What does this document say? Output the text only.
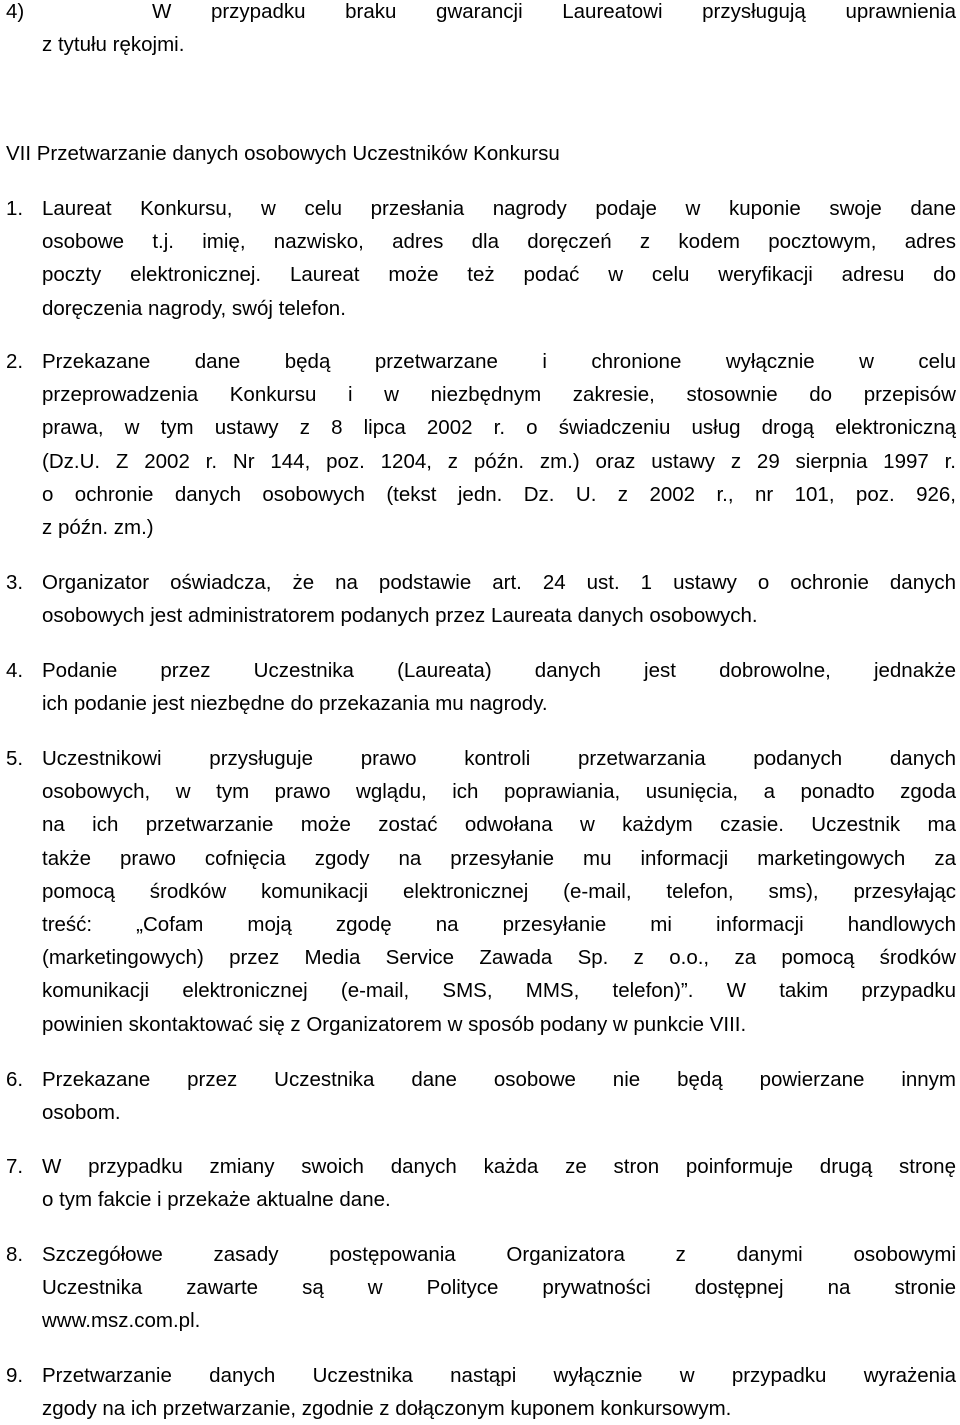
4)	W przypadku braku gwarancji Laureatowi przysługują uprawnienia
z tytułu rękojmi.
VII Przetwarzanie danych osobowych Uczestników Konkursu
1. Laureat Konkursu, w celu przesłania nagrody podaje w kuponie swoje dane
osobowe t.j. imię, nazwisko, adres dla doręczeń z kodem pocztowym, adres
poczty elektronicznej. Laureat może też podać w celu weryfikacji adresu do
doręczenia nagrody, swój telefon.
2. Przekazane dane będą przetwarzane i chronione wyłącznie w celu
przeprowadzenia Konkursu i w niezbędnym zakresie, stosownie do przepisów
prawa, w tym ustawy z 8 lipca 2002 r. o świadczeniu usług drogą elektroniczną
(Dz.U. Z 2002 r. Nr 144, poz. 1204, z późn. zm.) oraz ustawy z 29 sierpnia 1997 r.
o ochronie danych osobowych (tekst jedn. Dz. U. z 2002 r., nr 101, poz. 926,
z późn. zm.)
3. Organizator oświadcza, że na podstawie art. 24 ust. 1 ustawy o ochronie danych
osobowych jest administratorem podanych przez Laureata danych osobowych.
4. Podanie przez Uczestnika (Laureata) danych jest dobrowolne, jednakże
ich podanie jest niezbędne do przekazania mu nagrody.
5. Uczestnikowi przysługuje prawo kontroli przetwarzania podanych danych
osobowych, w tym prawo wglądu, ich poprawiania, usunięcia, a ponadto zgoda
na ich przetwarzanie może zostać odwołana w każdym czasie. Uczestnik ma
także prawo cofnięcia zgody na przesyłanie mu informacji marketingowych za
pomocą środków komunikacji elektronicznej (e-mail, telefon, sms), przesyłając
treść: „Cofam moją zgodę na przesyłanie mi informacji handlowych
(marketingowych) przez Media Service Zawada Sp. z o.o., za pomocą środków
komunikacji elektronicznej (e-mail, SMS, MMS, telefon)”. W takim przypadku
powinien skontaktować się z Organizatorem w sposób podany w punkcie VIII.
6. Przekazane przez Uczestnika dane osobowe nie będą powierzane innym
osobom.
7. W przypadku zmiany swoich danych każda ze stron poinformuje drugą stronę
o tym fakcie i przekaże aktualne dane.
8. Szczegółowe zasady postępowania Organizatora z danymi osobowymi
Uczestnika zawarte są w Polityce prywatności dostępnej na stronie
www.msz.com.pl.
9. Przetwarzanie danych Uczestnika nastąpi wyłącznie w przypadku wyrażenia
zgody na ich przetwarzanie, zgodnie z dołączonym kuponem konkursowym.
